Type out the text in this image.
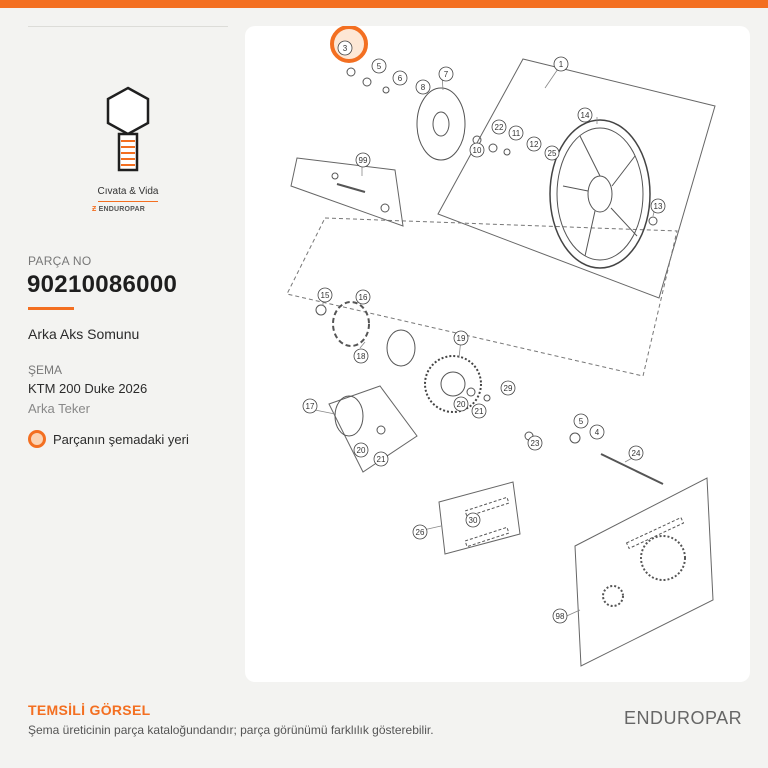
Cıvata & Vida
Ƶ ENDUROPAR
PARÇA NO
90210086000
Arka Aks Somunu
ŞEMA
KTM 200 Duke 2026
Arka Teker
Parçanın şemadaki yeri
1
5
6	7
8
14
22
11
10
12
25
13
99
15	16
18
19
17	20
21
29
20
21
23
5
4
24
26
30
98
3
TEMSİLİ GÖRSEL
Şema üreticinin parça kataloğundandır; parça görünümü farklılık gösterebilir.
ENDUROPAR
